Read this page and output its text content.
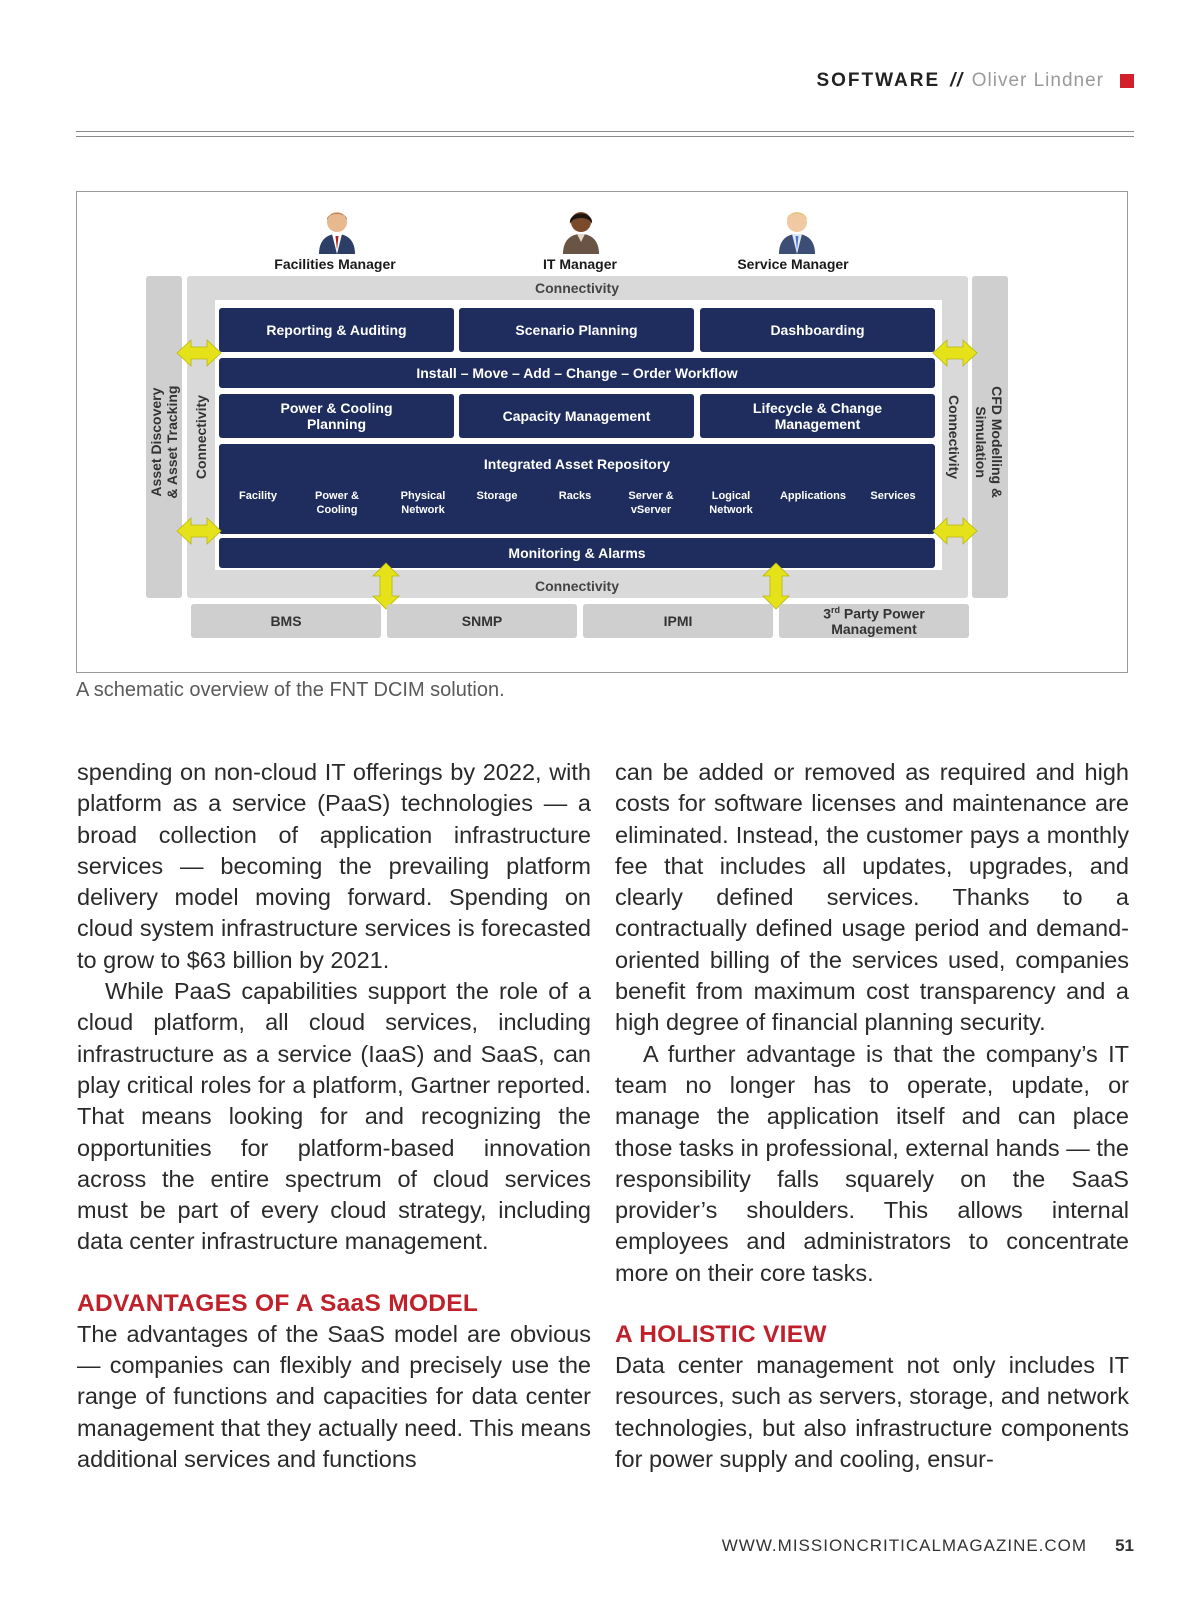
SOFTWARE // Oliver Lindner
Facilities Manager	IT Manager	Service Manager
Connectivity
Connectivity
Asset Discovery & Asset Tracking Connectivity	Connectivity CFD Modelling &
Simulation
Reporting & Auditing	Scenario Planning	Dashboarding
Install – Move – Add – Change – Order Workflow
Power & Cooling
Planning
Capacity Management
Lifecycle & Change
Management
Integrated Asset Repository
Facility	Power &
Cooling
Physical
Network
Storage	Racks	Server &
vServer
Logical
Network
Applications	Services
Monitoring & Alarms
BMS	SNMP	IPMI	3rd Party Power
Management
A schematic overview of the FNT DCIM solution.

spending on non-cloud IT offerings by 2022, with platform as a service (PaaS) technologies — a broad collection of application infrastructure services — becoming the prevailing platform delivery model moving forward. Spending on cloud system infrastructure services is forecasted to grow to $63 billion by 2021.

While PaaS capabilities support the role of a cloud platform, all cloud services, including infrastructure as a service (IaaS) and SaaS, can play critical roles for a platform, Gartner reported. That means looking for and recognizing the opportunities for platform-based innovation across the entire spectrum of cloud services must be part of every cloud strategy, including data center infrastructure management.

ADVANTAGES OF A SaaS MODEL

The advantages of the SaaS model are obvious — companies can flexibly and precisely use the range of functions and capacities for data center management that they actually need. This means additional services and functions

can be added or removed as required and high costs for software licenses and maintenance are eliminated. Instead, the customer pays a monthly fee that includes all updates, upgrades, and clearly defined services. Thanks to a contractually defined usage period and demand-oriented billing of the services used, companies benefit from maximum cost transparency and a high degree of financial planning security.

A further advantage is that the company’s IT team no longer has to operate, update, or manage the application itself and can place those tasks in professional, external hands — the responsibility falls squarely on the SaaS provider’s shoulders. This allows internal employees and administrators to concentrate more on their core tasks.

A HOLISTIC VIEW

Data center management not only includes IT resources, such as servers, storage, and network technologies, but also infrastructure components for power supply and cooling, ensur-

WWW.MISSIONCRITICALMAGAZINE.COM 51
